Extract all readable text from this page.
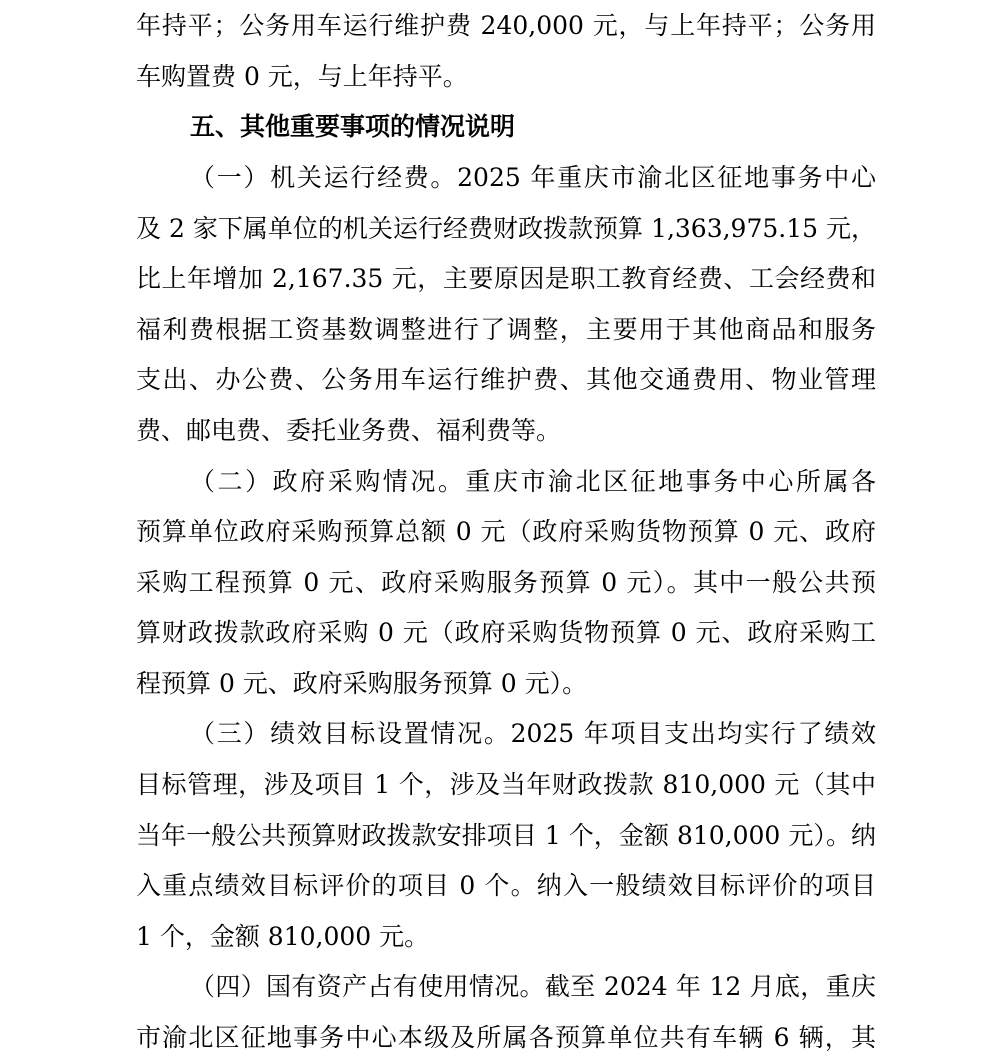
年持平；公务用车运行维护费 240,000 元，与上年持平；公务用
车购置费 0 元，与上年持平。
五、其他重要事项的情况说明
（一）机关运行经费。2025 年重庆市渝北区征地事务中心
及 2 家下属单位的机关运行经费财政拨款预算 1,363,975.15 元，
比上年增加 2,167.35 元，主要原因是职工教育经费、工会经费和
福利费根据工资基数调整进行了调整，主要用于其他商品和服务
支出、办公费、公务用车运行维护费、其他交通费用、物业管理
费、邮电费、委托业务费、福利费等。
（二）政府采购情况。重庆市渝北区征地事务中心所属各
预算单位政府采购预算总额 0 元（政府采购货物预算 0 元、政府
采购工程预算 0 元、政府采购服务预算 0 元）。其中一般公共预
算财政拨款政府采购 0 元（政府采购货物预算 0 元、政府采购工
程预算 0 元、政府采购服务预算 0 元）。
（三）绩效目标设置情况。2025 年项目支出均实行了绩效
目标管理，涉及项目 1 个，涉及当年财政拨款 810,000 元（其中
当年一般公共预算财政拨款安排项目 1 个，金额 810,000 元）。纳
入重点绩效目标评价的项目 0 个。纳入一般绩效目标评价的项目
1 个，金额 810,000 元。
（四）国有资产占有使用情况。截至 2024 年 12 月底，重庆
市渝北区征地事务中心本级及所属各预算单位共有车辆 6 辆，其
